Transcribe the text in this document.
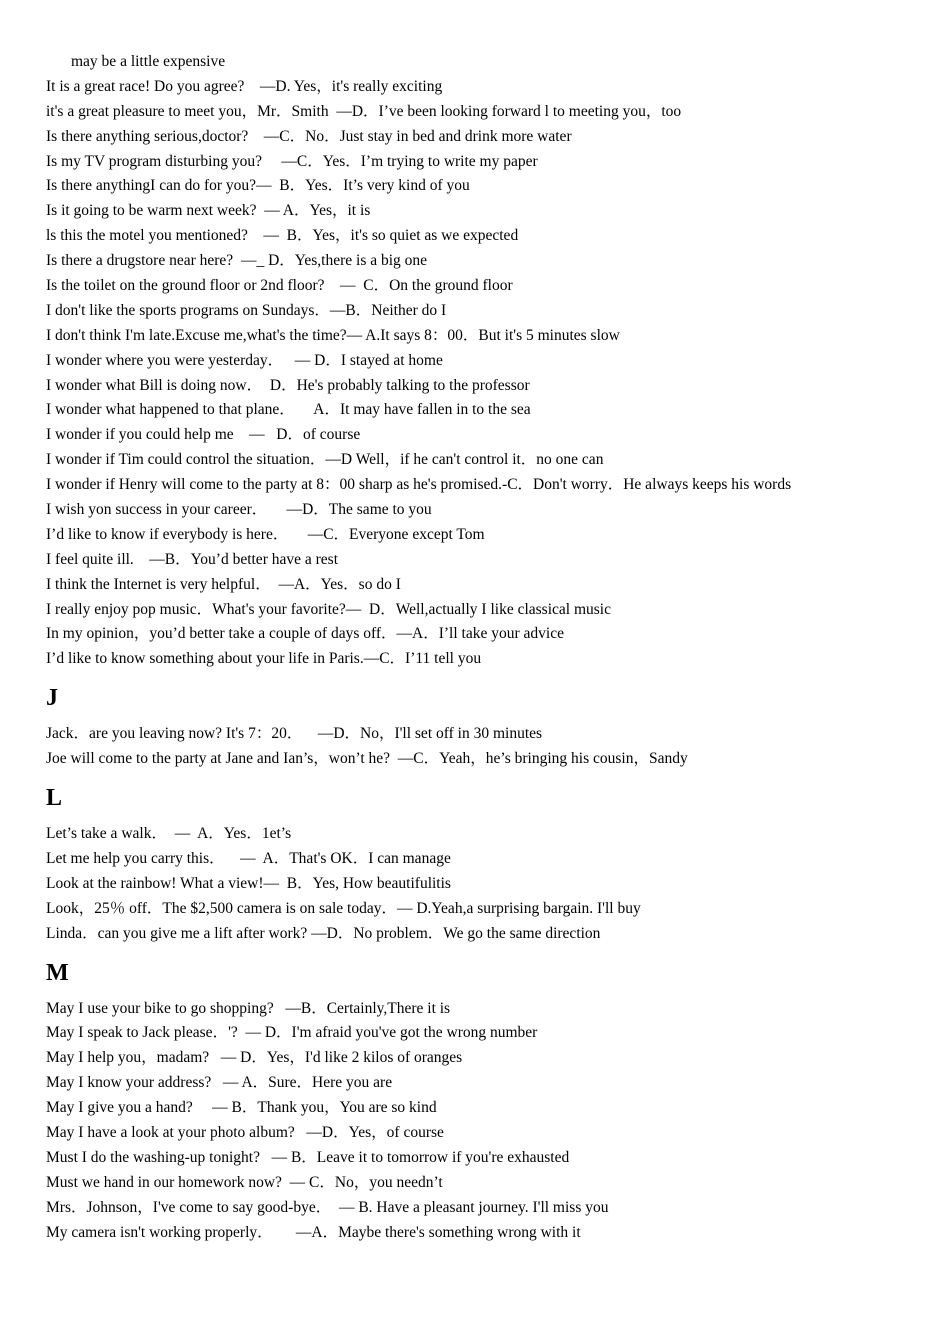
may be a little expensive
It is a great race! Do you agree?    —D. Yes，it's really exciting
it's a great pleasure to meet you，Mr．Smith  —D．I’ve been looking forward l to meeting you，too
Is there anything serious,doctor?    —C．No．Just stay in bed and drink more water
Is my TV program disturbing you?     —C．Yes．I’m trying to write my paper
Is there anythingI can do for you?—  B．Yes．It’s very kind of you
Is it going to be warm next week?  — A．Yes，it is
ls this the motel you mentioned?    —  B．Yes，it's so quiet as we expected
Is there a drugstore near here?  —_ D．Yes,there is a big one
Is the toilet on the ground floor or 2nd floor?    —  C．On the ground floor
I don't like the sports programs on Sundays．—B．Neither do I
I don't think I'm late.Excuse me,what's the time?— A.It says 8：00．But it's 5 minutes slow
I wonder where you were yesterday．   — D．I stayed at home
I wonder what Bill is doing now．  D．He's probably talking to the professor
I wonder what happened to that plane．     A．It may have fallen in to the sea
I wonder if you could help me    —   D．of course
I wonder if Tim could control the situation．—D Well，if he can't control it．no one can
I wonder if Henry will come to the party at 8：00 sharp as he's promised.-C．Don't worry．He always keeps his words
I wish yon success in your career．     —D．The same to you
I’d like to know if everybody is here．     —C．Everyone except Tom
I feel quite ill.    —B．You’d better have a rest
I think the Internet is very helpful．  —A．Yes．so do I
I really enjoy pop music．What's your favorite?—  D．Well,actually I like classical music
In my opinion，you’d better take a couple of days off．—A．I’ll take your advice
I’d like to know something about your life in Paris.—C．I’11 tell you
J
Jack．are you leaving now? It's 7：20．    —D．No，I'll set off in 30 minutes
Joe will come to the party at Jane and Ian’s，won’t he?  —C．Yeah，he’s bringing his cousin，Sandy
L
Let’s take a walk．  —  A．Yes．1et’s
Let me help you carry this．    —  A．That's OK．I can manage
Look at the rainbow! What a view!—  B．Yes, How beautifulitis
Look，25％ off．The $2,500 camera is on sale today．— D.Yeah,a surprising bargain. I'll buy
Linda．can you give me a lift after work? —D．No problem．We go the same direction
M
May I use your bike to go shopping?   —B．Certainly,There it is
May I speak to Jack please．'?  — D．I'm afraid you've got the wrong number
May I help you，madam?   — D．Yes，I'd like 2 kilos of oranges
May I know your address?   — A．Sure．Here you are
May I give you a hand?     — B．Thank you，You are so kind
May I have a look at your photo album?   —D．Yes，of course
Must I do the washing-up tonight?   — B．Leave it to tomorrow if you're exhausted
Must we hand in our homework now?  — C．No，you needn’t
Mrs．Johnson，I've come to say good-bye．  — B. Have a pleasant journey. I'll miss you
My camera isn't working properly．      —A．Maybe there's something wrong with it
